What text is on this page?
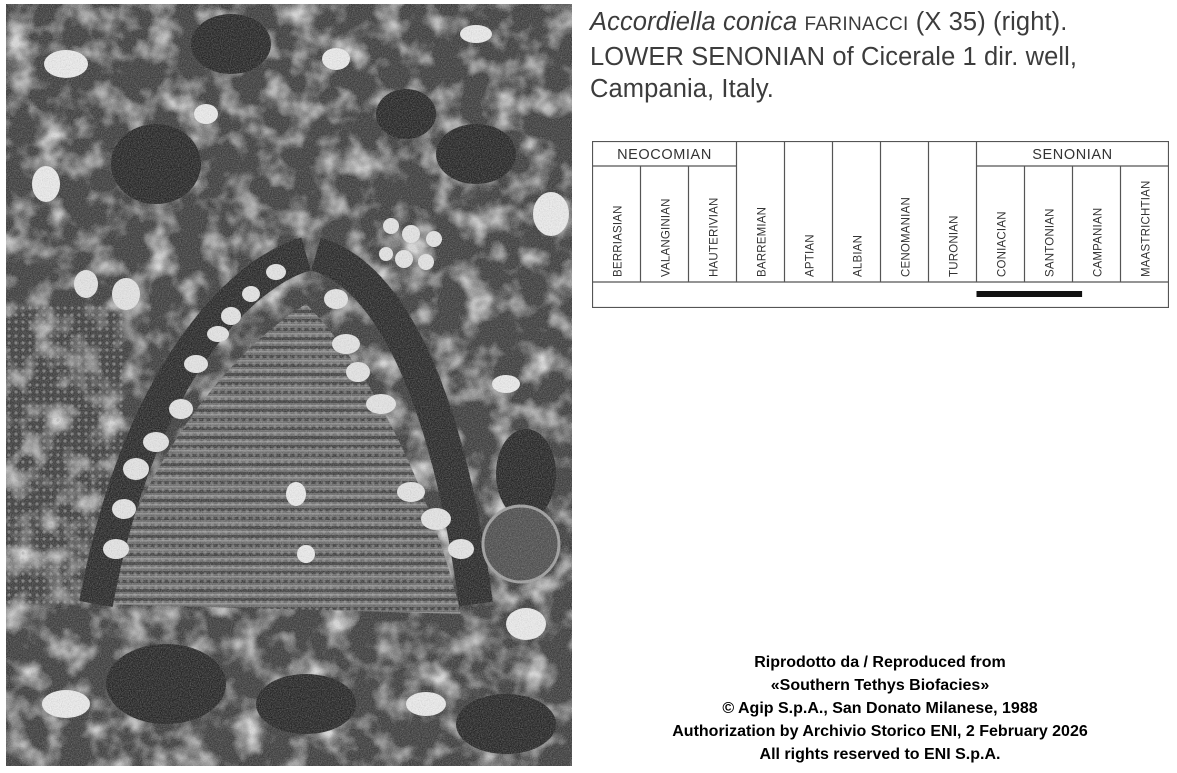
Accordiella conica FARINACCI (X 35) (right).
LOWER SENONIAN of Cicerale 1 dir. well,
Campania, Italy.
NEOCOMIAN	SENONIAN
BERRIASIAN	VALANGINIAN	HAUTERIVIAN	BARREMIAN	APTIAN	ALBIAN	CENOMANIAN	TURONIAN	CONIACIAN	SANTONIAN	CAMPANIAN	MAASTRICHTIAN
Riprodotto da / Reproduced from
«Southern Tethys Biofacies»
© Agip S.p.A., San Donato Milanese, 1988
Authorization by Archivio Storico ENI, 2 February 2026
All rights reserved to ENI S.p.A.
